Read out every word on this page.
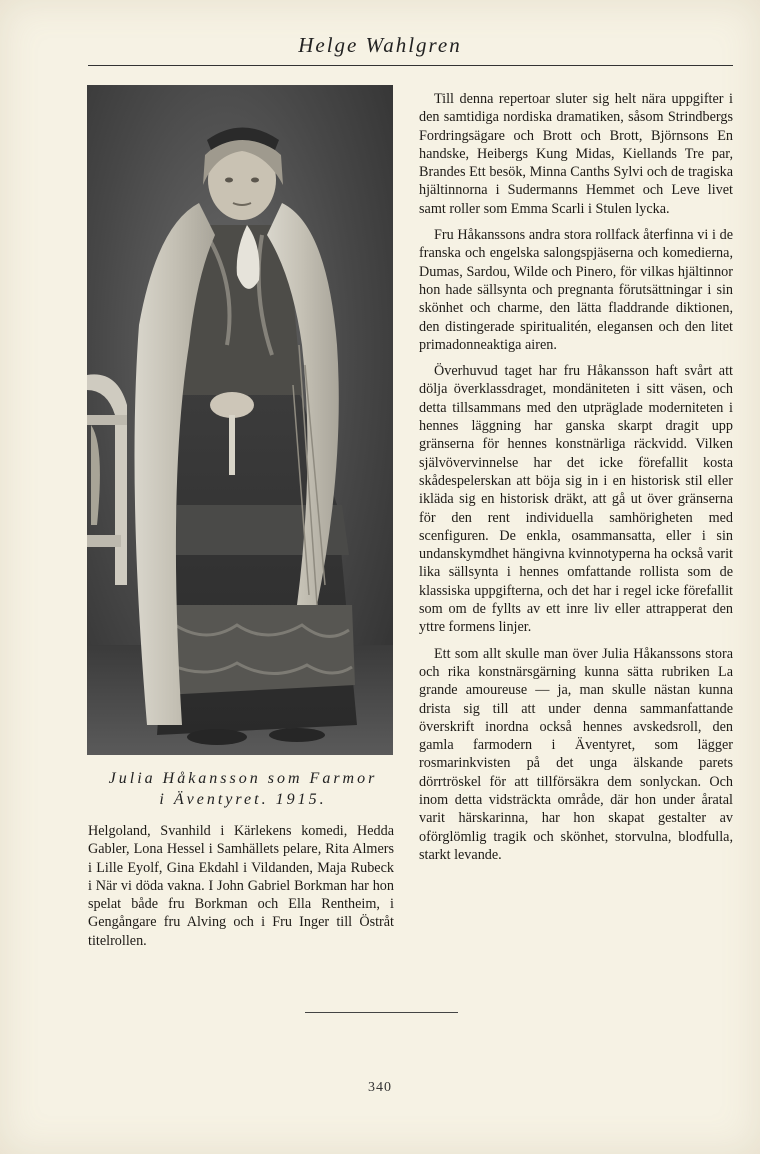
Helge Wahlgren
Julia Håkansson som Farmor
i Äventyret. 1915.

Helgoland, Svanhild i Kärlekens komedi, Hedda Gabler, Lona Hessel i Samhällets pelare, Rita Almers i Lille Eyolf, Gina Ekdahl i Vildanden, Maja Rubeck i När vi döda vakna. I John Gabriel Borkman har hon spelat både fru Borkman och Ella Rentheim, i Gengångare fru Alving och i Fru Inger till Östråt titelrollen.

Till denna repertoar sluter sig helt nära uppgifter i den samtidiga nordiska dramatiken, såsom Strindbergs Fordringsägare och Brott och Brott, Björnsons En handske, Heibergs Kung Midas, Kiellands Tre par, Brandes Ett besök, Minna Canths Sylvi och de tragiska hjältinnorna i Sudermanns Hemmet och Leve livet samt roller som Emma Scarli i Stulen lycka.

Fru Håkanssons andra stora rollfack återfinna vi i de franska och engelska salongspjäserna och komedierna, Dumas, Sardou, Wilde och Pinero, för vilkas hjältinnor hon hade sällsynta och pregnanta förutsättningar i sin skönhet och charme, den lätta fladdrande diktionen, den distingerade spiritualitén, elegansen och den litet primadonneaktiga airen.

Överhuvud taget har fru Håkansson haft svårt att dölja överklassdraget, mondäniteten i sitt väsen, och detta tillsammans med den utpräglade moderniteten i hennes läggning har ganska skarpt dragit upp gränserna för hennes konstnärliga räckvidd. Vilken självövervinnelse har det icke förefallit kosta skådespelerskan att böja sig in i en historisk stil eller ikläda sig en historisk dräkt, att gå ut över gränserna för den rent individuella samhörigheten med scenfiguren. De enkla, osammansatta, eller i sin undanskymdhet hängivna kvinnotyperna ha också varit lika sällsynta i hennes omfattande rollista som de klassiska uppgifterna, och det har i regel icke förefallit som om de fyllts av ett inre liv eller attrapperat den yttre formens linjer.

Ett som allt skulle man över Julia Håkanssons stora och rika konstnärsgärning kunna sätta rubriken La grande amoureuse — ja, man skulle nästan kunna drista sig till att under denna sammanfattande överskrift inordna också hennes avskedsroll, den gamla farmodern i Äventyret, som lägger rosmarinkvisten på det unga älskande parets dörrtröskel för att tillförsäkra dem sonlyckan. Och inom detta vidsträckta område, där hon under åratal varit härskarinna, har hon skapat gestalter av oförglömlig tragik och skönhet, storvulna, blodfulla, starkt levande.

340
